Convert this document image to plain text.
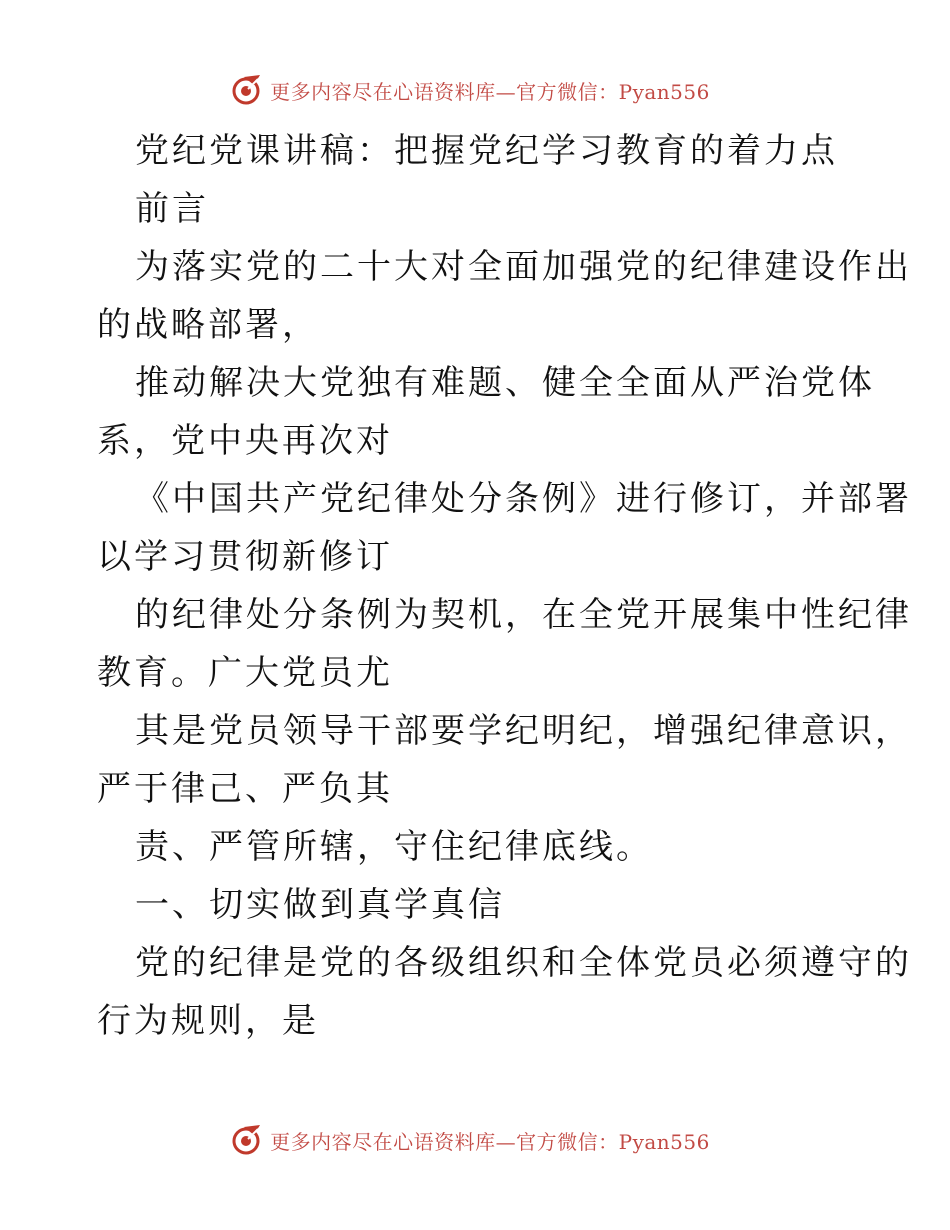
更多内容尽在心语资料库—官方微信：Pyan556
党纪党课讲稿：把握党纪学习教育的着力点
前言
为落实党的二十大对全面加强党的纪律建设作出
的战略部署，
推动解决大党独有难题、健全全面从严治党体
系，党中央再次对
《中国共产党纪律处分条例》进行修订，并部署
以学习贯彻新修订
的纪律处分条例为契机，在全党开展集中性纪律
教育。广大党员尤
其是党员领导干部要学纪明纪，增强纪律意识，
严于律己、严负其
责、严管所辖，守住纪律底线。
一、切实做到真学真信
党的纪律是党的各级组织和全体党员必须遵守的
行为规则，是
更多内容尽在心语资料库—官方微信：Pyan556
